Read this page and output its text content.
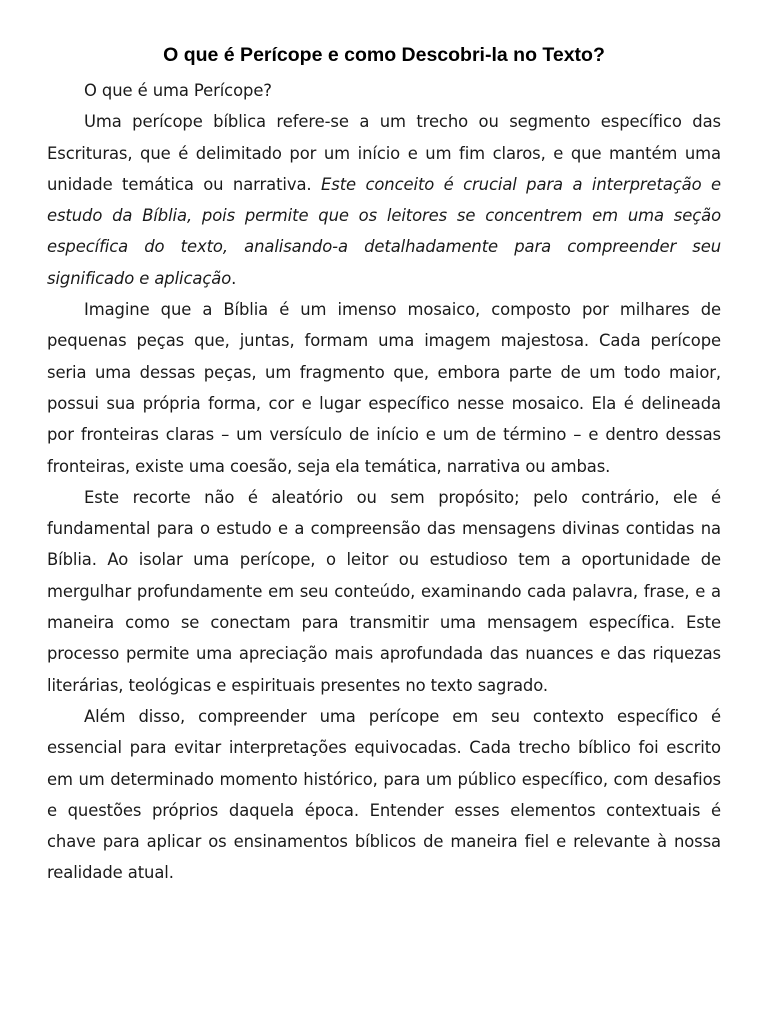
O que é Perícope e como Descobri-la no Texto?

O que é uma Perícope?

Uma perícope bíblica refere-se a um trecho ou segmento específico das Escrituras, que é delimitado por um início e um fim claros, e que mantém uma unidade temática ou narrativa. Este conceito é crucial para a interpretação e estudo da Bíblia, pois permite que os leitores se concentrem em uma seção específica do texto, analisando-a detalhadamente para compreender seu significado e aplicação.

Imagine que a Bíblia é um imenso mosaico, composto por milhares de pequenas peças que, juntas, formam uma imagem majestosa. Cada perícope seria uma dessas peças, um fragmento que, embora parte de um todo maior, possui sua própria forma, cor e lugar específico nesse mosaico. Ela é delineada por fronteiras claras – um versículo de início e um de término – e dentro dessas fronteiras, existe uma coesão, seja ela temática, narrativa ou ambas.

Este recorte não é aleatório ou sem propósito; pelo contrário, ele é fundamental para o estudo e a compreensão das mensagens divinas contidas na Bíblia. Ao isolar uma perícope, o leitor ou estudioso tem a oportunidade de mergulhar profundamente em seu conteúdo, examinando cada palavra, frase, e a maneira como se conectam para transmitir uma mensagem específica. Este processo permite uma apreciação mais aprofundada das nuances e das riquezas literárias, teológicas e espirituais presentes no texto sagrado.

Além disso, compreender uma perícope em seu contexto específico é essencial para evitar interpretações equivocadas. Cada trecho bíblico foi escrito em um determinado momento histórico, para um público específico, com desafios e questões próprios daquela época. Entender esses elementos contextuais é chave para aplicar os ensinamentos bíblicos de maneira fiel e relevante à nossa realidade atual.
